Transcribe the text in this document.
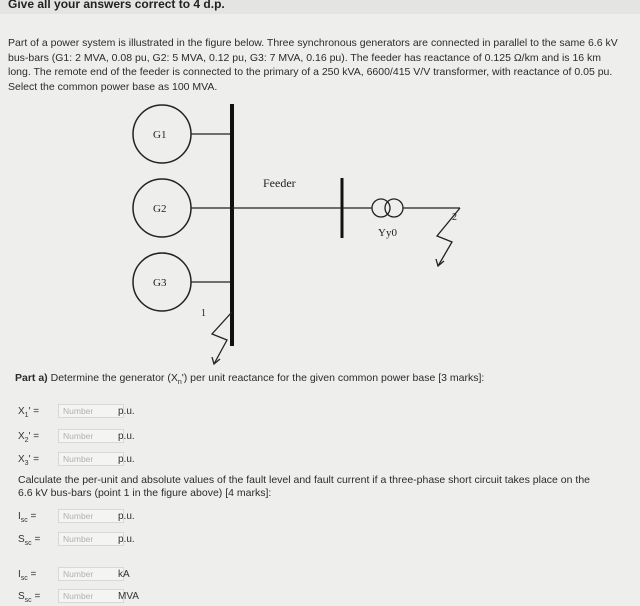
Give all your answers correct to 4 d.p.
Part of a power system is illustrated in the figure below. Three synchronous generators are connected in parallel to the same 6.6 kV bus-bars (G1: 2 MVA, 0.08 pu, G2: 5 MVA, 0.12 pu, G3: 7 MVA, 0.16 pu). The feeder has reactance of 0.125 Ω/km and is 16 km long. The remote end of the feeder is connected to the primary of a 250 kVA, 6600/415 V/V transformer, with reactance of 0.05 pu. Select the common power base as 100 MVA.
G1
G2
G3
Feeder
Yy0
2
1
Part a) Determine the generator $(X_n')$ per unit reactance for the given common power base [3 marks]:
$X_1'$ =
Number	p.u.
$X_2'$ =
Number	p.u.
$X_3'$ =
Number	p.u.
Calculate the per-unit and absolute values of the fault level and fault current if a three-phase short circuit takes place on the 6.6 kV bus-bars (point 1 in the figure above) [4 marks]:
$I_{sc}$ =
Number	p.u.
$S_{sc}$ =
Number	p.u.
$I_{sc}$ =
Number	kA
$S_{sc}$ =
Number	MVA
